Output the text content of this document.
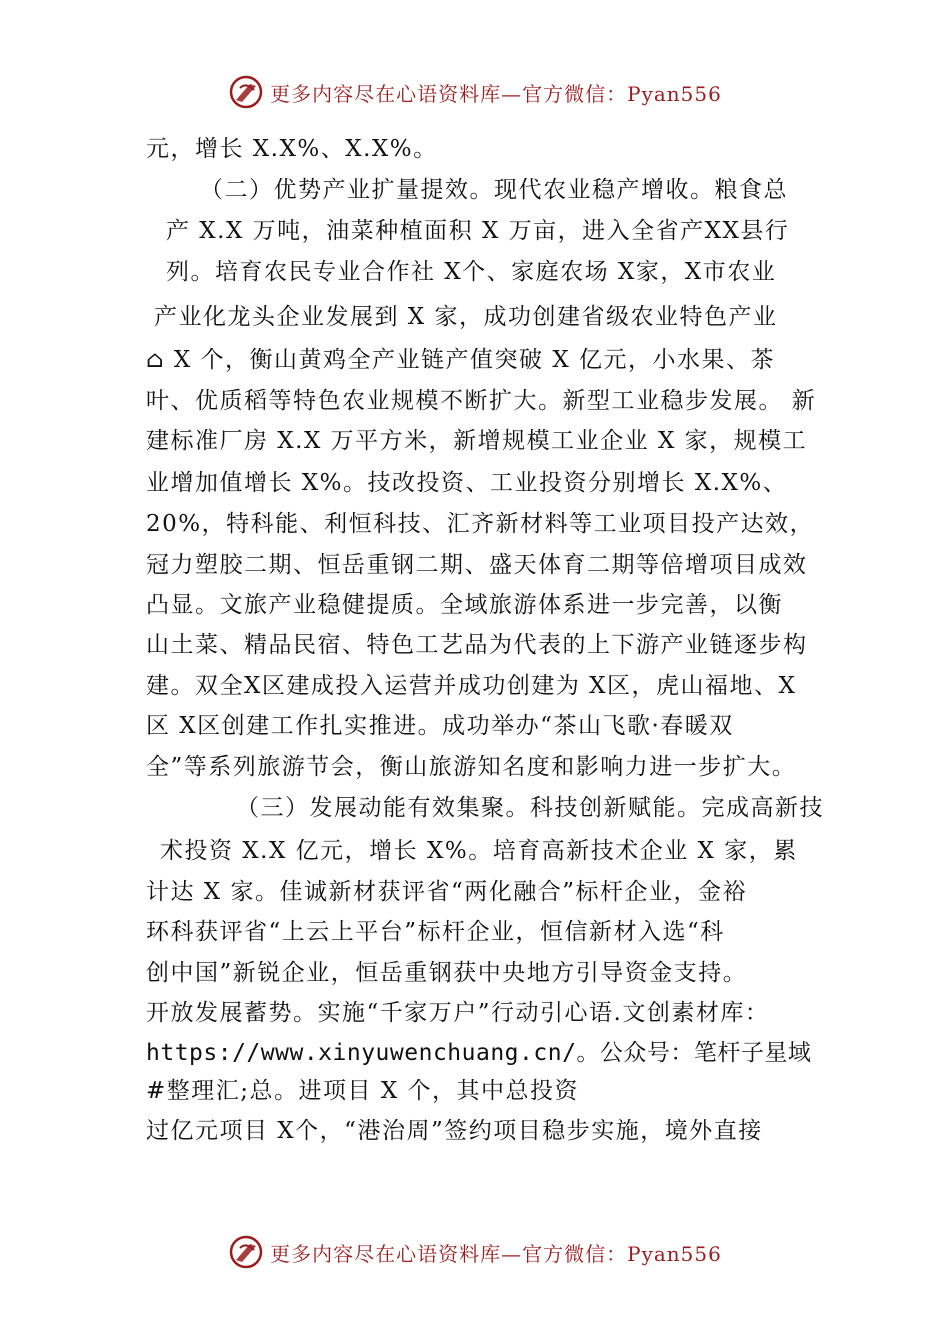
更多内容尽在心语资料库—官方微信：Pyan556
元，增长 X.X%、X.X%。
（二）优势产业扩量提效。现代农业稳产增收。粮食总
产 X.X 万吨，油菜种植面积 X 万亩，进入全省产XX县行
列。培育农民专业合作社 X个、家庭农场 X家，X市农业
产业化龙头企业发展到 X 家，成功创建省级农业特色产业
⌂ X 个，衡山黄鸡全产业链产值突破 X 亿元，小水果、茶
叶、优质稻等特色农业规模不断扩大。新型工业稳步发展。 新
建标准厂房 X.X 万平方米，新增规模工业企业 X 家，规模工
业增加值增长 X%。技改投资、工业投资分别增长 X.X%、
20%，特科能、利恒科技、汇齐新材料等工业项目投产达效，
冠力塑胶二期、恒岳重钢二期、盛天体育二期等倍增项目成效
凸显。文旅产业稳健提质。全域旅游体系进一步完善，以衡
山土菜、精品民宿、特色工艺品为代表的上下游产业链逐步构
建。双全X区建成投入运营并成功创建为 X区，虎山福地、X
区 X区创建工作扎实推进。成功举办“茶山飞歌·春暖双
全”等系列旅游节会，衡山旅游知名度和影响力进一步扩大。
（三）发展动能有效集聚。科技创新赋能。完成高新技
术投资 X.X 亿元，增长 X%。培育高新技术企业 X 家，累
计达 X 家。佳诚新材获评省“两化融合”标杆企业，金裕
环科获评省“上云上平台”标杆企业，恒信新材入选“科
创中国”新锐企业，恒岳重钢获中央地方引导资金支持。
开放发展蓄势。实施“千家万户”行动引心语.文创素材库：
https://www.xinyuwenchuang.cn/。公众号：笔杆子星域
#整理汇;总。进项目 X 个，其中总投资
过亿元项目 X个，“港治周”签约项目稳步实施，境外直接
更多内容尽在心语资料库—官方微信：Pyan556
